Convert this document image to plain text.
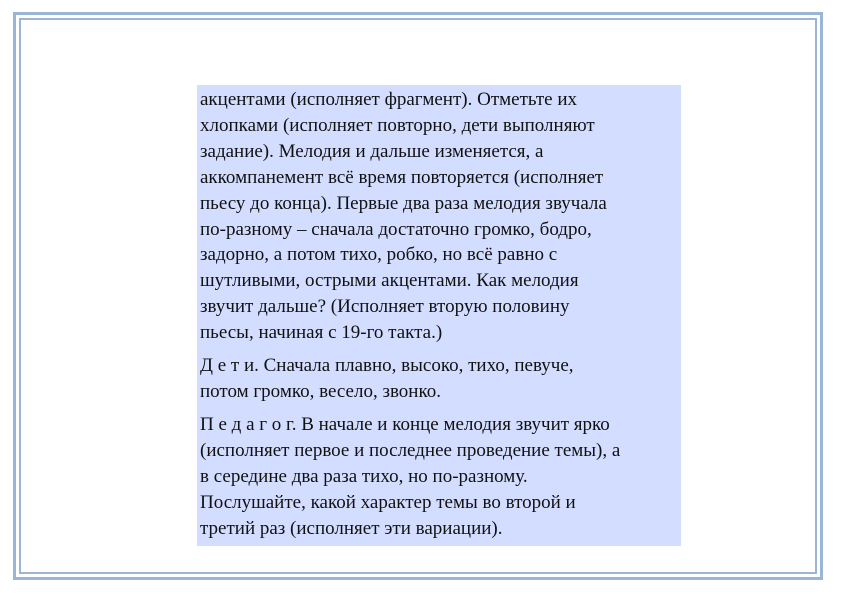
акцентами (исполняет фрагмент). Отметьте их
хлопками (исполняет повторно, дети выполняют
задание). Мелодия и дальше изменяется, а
аккомпанемент всё время повторяется (исполняет
пьесу до конца). Первые два раза мелодия звучала
по-разному – сначала достаточно громко, бодро,
задорно, а потом тихо, робко, но всё равно с
шутливыми, острыми акцентами. Как мелодия
звучит дальше? (Исполняет вторую половину
пьесы, начиная с 19-го такта.)

Д е т и. Сначала плавно, высоко, тихо, певуче,
потом громко, весело, звонко.

П е д а г о г. В начале и конце мелодия звучит ярко
(исполняет первое и последнее проведение темы), а
в середине два раза тихо, но по-разному.
Послушайте, какой характер темы во второй и
третий раз (исполняет эти вариации).
